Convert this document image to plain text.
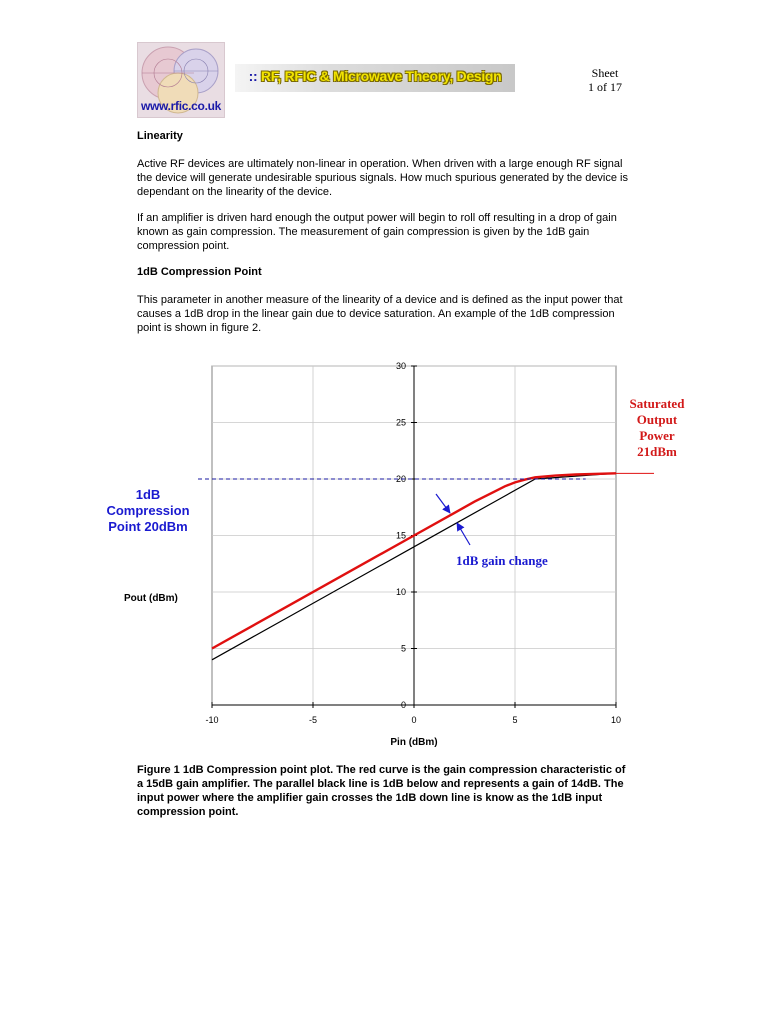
www.rfic.co.uk
:: RF, RFIC & Microwave Theory, Design	Sheet
1 of 17
Linearity
Active RF devices are ultimately non-linear in operation. When driven with a large enough RF signal the device will generate undesirable spurious signals. How much spurious generated by the device is dependant on the linearity of the device.
If an amplifier is driven hard enough the output power will begin to roll off resulting in a drop of gain known as gain compression. The measurement of gain compression is given by the 1dB gain compression point.
1dB Compression Point
This parameter in another measure of the linearity of a device and is defined as the input power that causes a 1dB drop in the linear gain due to device saturation. An example of the 1dB compression point is shown in figure 2.
0
5
10
15
20
25
30
-10	-5	0	5	10
Pin (dBm)
Pout (dBm)
Saturated Output Power 21dBm
1dB Compression Point 20dBm
1dB gain change
Figure 1 1dB Compression point plot. The red curve is the gain compression characteristic of a 15dB gain amplifier. The parallel black line is 1dB below and represents a gain of 14dB. The input power where the amplifier gain crosses the 1dB down line is know as the 1dB input compression point.
